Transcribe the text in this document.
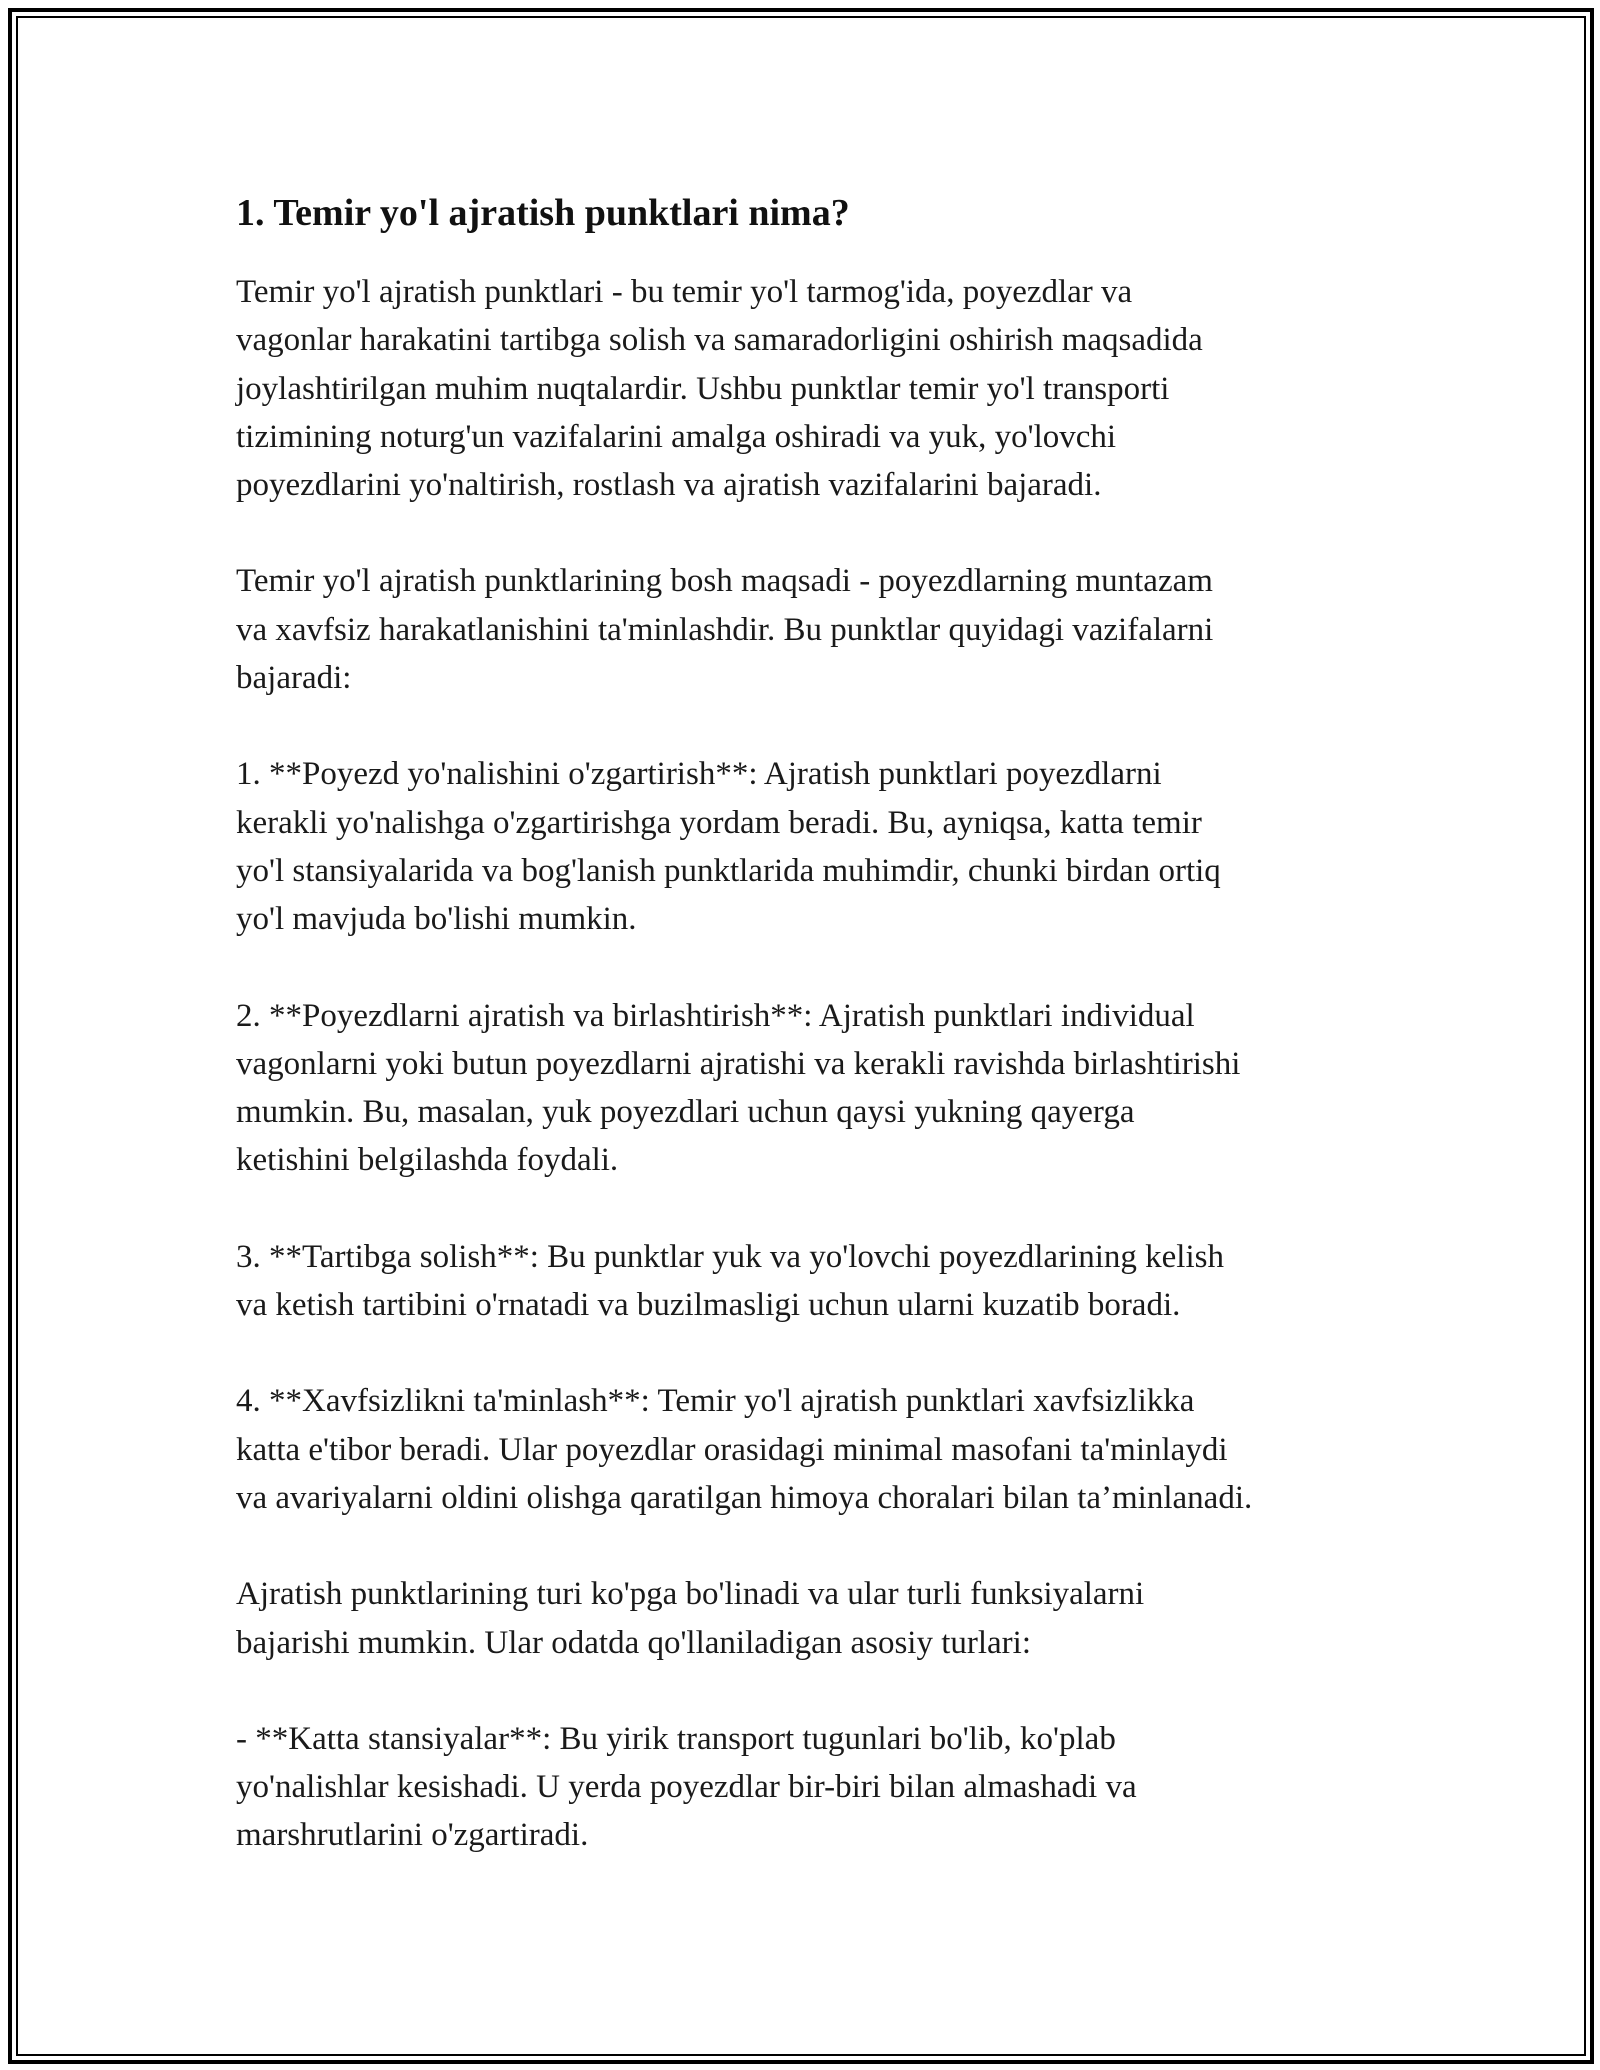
1. Temir yo'l ajratish punktlari nima?

Temir yo'l ajratish punktlari - bu temir yo'l tarmog'ida, poyezdlar va
vagonlar harakatini tartibga solish va samaradorligini oshirish maqsadida
joylashtirilgan muhim nuqtalardir. Ushbu punktlar temir yo'l transporti
tizimining noturg'un vazifalarini amalga oshiradi va yuk, yo'lovchi
poyezdlarini yo'naltirish, rostlash va ajratish vazifalarini bajaradi.

Temir yo'l ajratish punktlarining bosh maqsadi - poyezdlarning muntazam
va xavfsiz harakatlanishini ta'minlashdir. Bu punktlar quyidagi vazifalarni
bajaradi:

1. **Poyezd yo'nalishini o'zgartirish**: Ajratish punktlari poyezdlarni
kerakli yo'nalishga o'zgartirishga yordam beradi. Bu, ayniqsa, katta temir
yo'l stansiyalarida va bog'lanish punktlarida muhimdir, chunki birdan ortiq
yo'l mavjuda bo'lishi mumkin.

2. **Poyezdlarni ajratish va birlashtirish**: Ajratish punktlari individual
vagonlarni yoki butun poyezdlarni ajratishi va kerakli ravishda birlashtirishi
mumkin. Bu, masalan, yuk poyezdlari uchun qaysi yukning qayerga
ketishini belgilashda foydali.

3. **Tartibga solish**: Bu punktlar yuk va yo'lovchi poyezdlarining kelish
va ketish tartibini o'rnatadi va buzilmasligi uchun ularni kuzatib boradi.

4. **Xavfsizlikni ta'minlash**: Temir yo'l ajratish punktlari xavfsizlikka
katta e'tibor beradi. Ular poyezdlar orasidagi minimal masofani ta'minlaydi
va avariyalarni oldini olishga qaratilgan himoya choralari bilan ta’minlanadi.

Ajratish punktlarining turi ko'pga bo'linadi va ular turli funksiyalarni
bajarishi mumkin. Ular odatda qo'llaniladigan asosiy turlari:

- **Katta stansiyalar**: Bu yirik transport tugunlari bo'lib, ko'plab
yo'nalishlar kesishadi. U yerda poyezdlar bir-biri bilan almashadi va
marshrutlarini o'zgartiradi.
